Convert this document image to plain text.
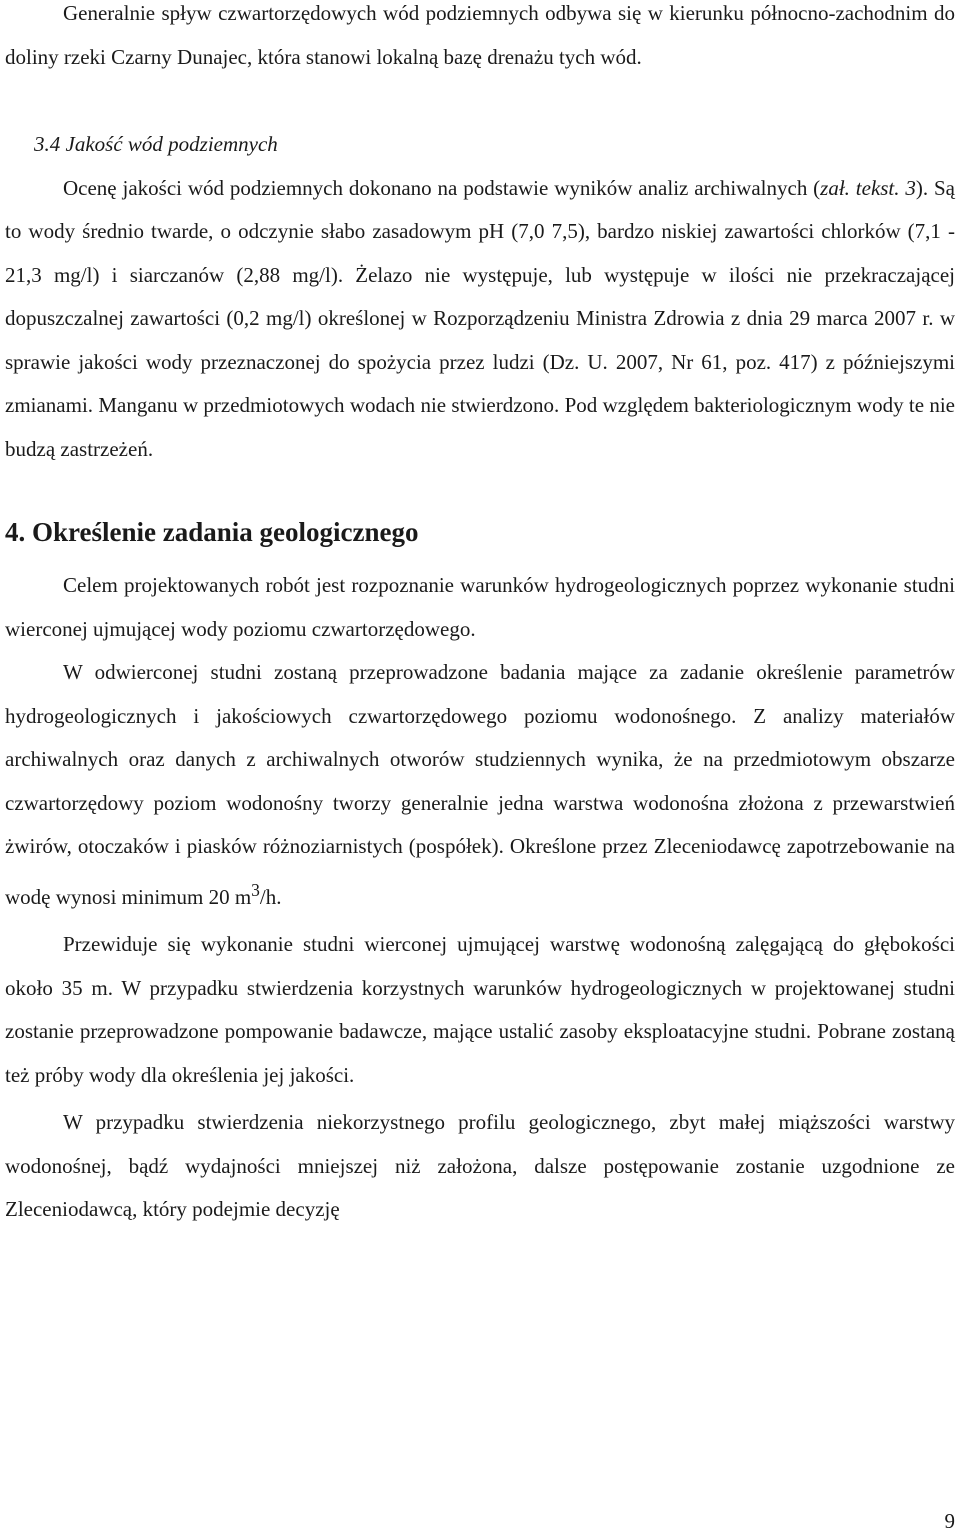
Generalnie spływ czwartorzędowych wód podziemnych odbywa się w kierunku północno-zachodnim do doliny rzeki Czarny Dunajec, która stanowi lokalną bazę drenażu tych wód.

3.4 Jakość wód podziemnych

Ocenę jakości wód podziemnych dokonano na podstawie wyników analiz archiwalnych (zał. tekst. 3). Są to wody średnio twarde, o odczynie słabo zasadowym pH (7,0 7,5), bardzo niskiej zawartości chlorków (7,1 - 21,3 mg/l) i siarczanów (2,88 mg/l). Żelazo nie występuje, lub występuje w ilości nie przekraczającej dopuszczalnej zawartości (0,2 mg/l) określonej w Rozporządzeniu Ministra Zdrowia z dnia 29 marca 2007 r. w sprawie jakości wody przeznaczonej do spożycia przez ludzi (Dz. U. 2007, Nr 61, poz. 417) z późniejszymi zmianami. Manganu w przedmiotowych wodach nie stwierdzono. Pod względem bakteriologicznym wody te nie budzą zastrzeżeń.

4. Określenie zadania geologicznego

Celem projektowanych robót jest rozpoznanie warunków hydrogeologicznych poprzez wykonanie studni wierconej ujmującej wody poziomu czwartorzędowego.

W odwierconej studni zostaną przeprowadzone badania mające za zadanie określenie parametrów hydrogeologicznych i jakościowych czwartorzędowego poziomu wodonośnego. Z analizy materiałów archiwalnych oraz danych z archiwalnych otworów studziennych wynika, że na przedmiotowym obszarze czwartorzędowy poziom wodonośny tworzy generalnie jedna warstwa wodonośna złożona z przewarstwień żwirów, otoczaków i piasków różnoziarnistych (pospółek). Określone przez Zleceniodawcę zapotrzebowanie na wodę wynosi minimum 20 $m^3/h$.

Przewiduje się wykonanie studni wierconej ujmującej warstwę wodonośną zalęgającą do głębokości około 35 m. W przypadku stwierdzenia korzystnych warunków hydrogeologicznych w projektowanej studni zostanie przeprowadzone pompowanie badawcze, mające ustalić zasoby eksploatacyjne studni. Pobrane zostaną też próby wody dla określenia jej jakości.

W przypadku stwierdzenia niekorzystnego profilu geologicznego, zbyt małej miąższości warstwy wodonośnej, bądź wydajności mniejszej niż założona, dalsze postępowanie zostanie uzgodnione ze Zleceniodawcą, który podejmie decyzję

9
